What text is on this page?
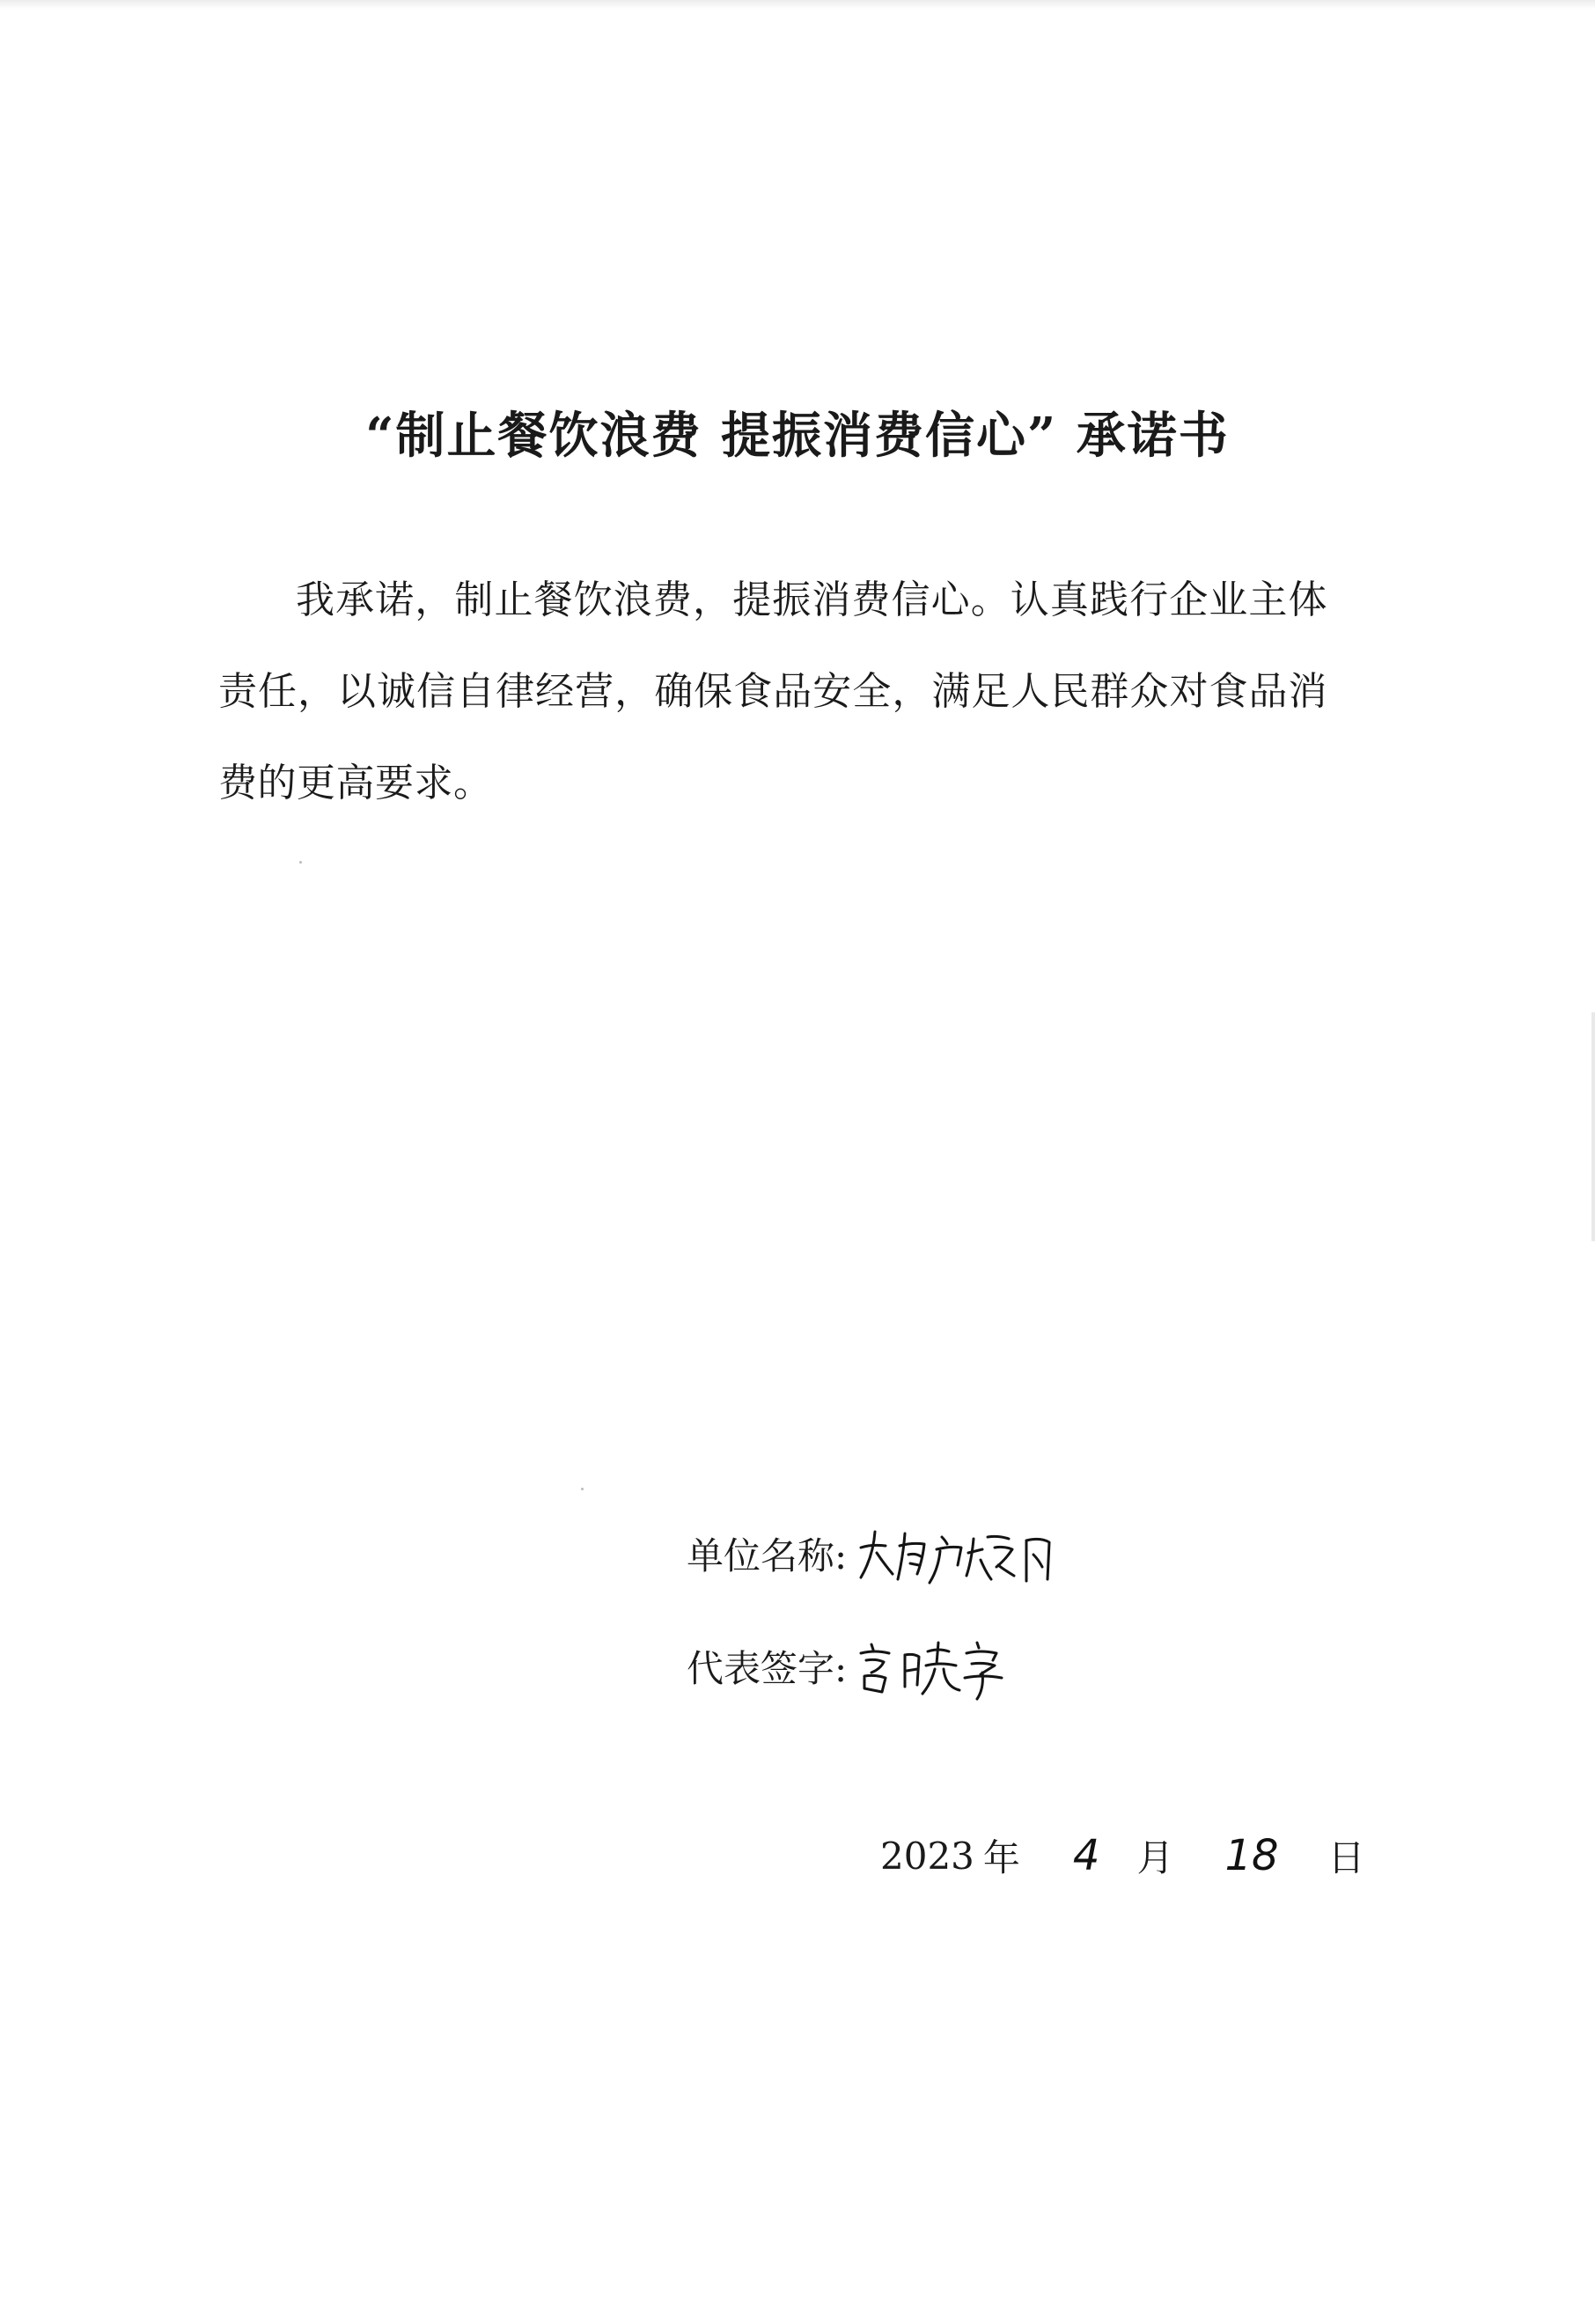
“制止餐饮浪费 提振消费信心” 承诺书
我承诺，制止餐饮浪费，提振消费信心。认真践行企业主体责任，以诚信自律经营，确保食品安全，满足人民群众对食品消费的更高要求。
单位名称:
代表签字:
2023 年 4 月 18 日
